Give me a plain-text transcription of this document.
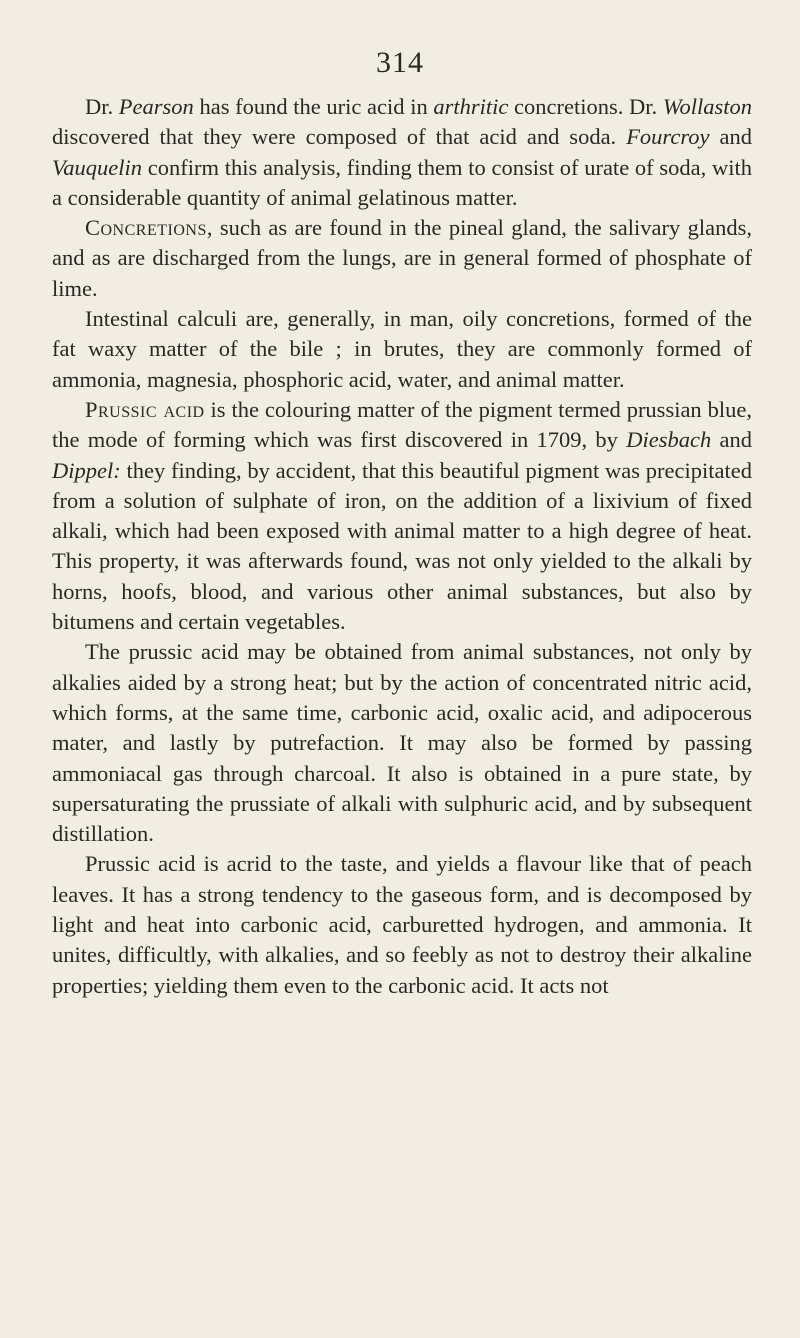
314

Dr. Pearson has found the uric acid in arthritic concretions. Dr. Wollaston discovered that they were composed of that acid and soda. Fourcroy and Vauquelin confirm this analysis, finding them to consist of urate of soda, with a considerable quantity of animal gelatinous matter.

Concretions, such as are found in the pineal gland, the salivary glands, and as are discharged from the lungs, are in general formed of phosphate of lime.

Intestinal calculi are, generally, in man, oily concretions, formed of the fat waxy matter of the bile ; in brutes, they are commonly formed of ammonia, magnesia, phosphoric acid, water, and animal matter.

Prussic acid is the colouring matter of the pigment termed prussian blue, the mode of forming which was first discovered in 1709, by Diesbach and Dippel: they finding, by accident, that this beautiful pigment was precipitated from a solution of sulphate of iron, on the addition of a lixivium of fixed alkali, which had been exposed with animal matter to a high degree of heat. This property, it was afterwards found, was not only yielded to the alkali by horns, hoofs, blood, and various other animal substances, but also by bitumens and certain vegetables.

The prussic acid may be obtained from animal substances, not only by alkalies aided by a strong heat; but by the action of concentrated nitric acid, which forms, at the same time, carbonic acid, oxalic acid, and adipocerous mater, and lastly by putrefaction. It may also be formed by passing ammoniacal gas through charcoal. It also is obtained in a pure state, by supersaturating the prussiate of alkali with sulphuric acid, and by subsequent distillation.

Prussic acid is acrid to the taste, and yields a flavour like that of peach leaves. It has a strong tendency to the gaseous form, and is decomposed by light and heat into carbonic acid, carburetted hydrogen, and ammonia. It unites, difficultly, with alkalies, and so feebly as not to destroy their alkaline properties; yielding them even to the carbonic acid. It acts not
